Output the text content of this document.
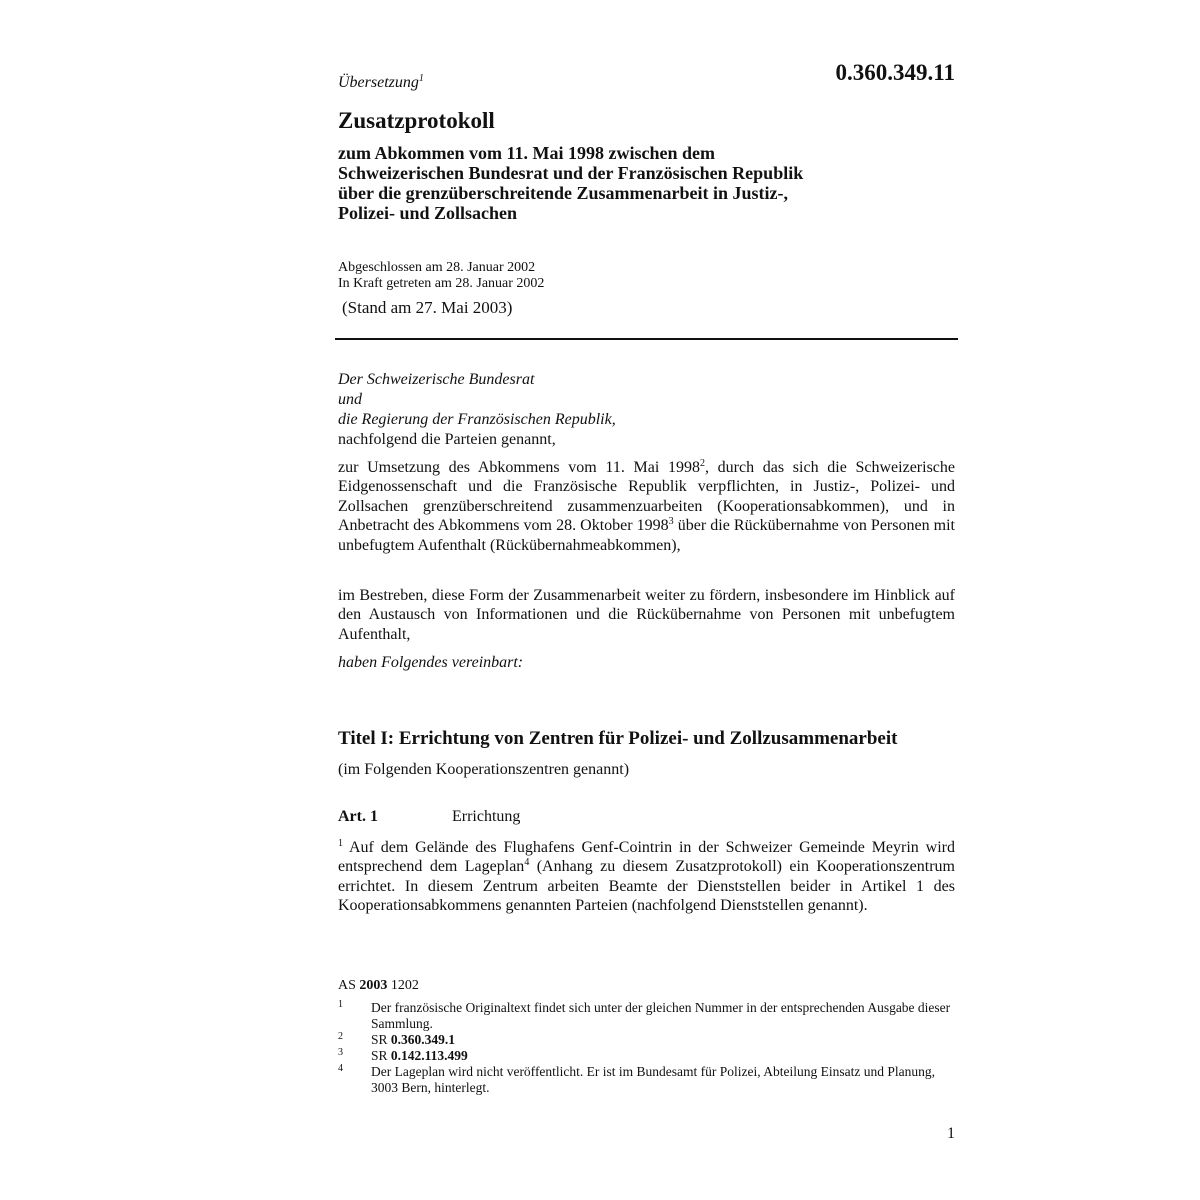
Übersetzung$^1$	0.360.349.11
Zusatzprotokoll
zum Abkommen vom 11. Mai 1998 zwischen dem
Schweizerischen Bundesrat und der Französischen Republik
über die grenzüberschreitende Zusammenarbeit in Justiz-,
Polizei- und Zollsachen
Abgeschlossen am 28. Januar 2002
In Kraft getreten am 28. Januar 2002
(Stand am 27. Mai 2003)
Der Schweizerische Bundesrat
und
die Regierung der Französischen Republik,
nachfolgend die Parteien genannt,
zur Umsetzung des Abkommens vom 11. Mai 1998$^2$, durch das sich die Schweizerische Eidgenossenschaft und die Französische Republik verpflichten, in Justiz-, Polizei- und Zollsachen grenzüberschreitend zusammenzuarbeiten (Kooperationsabkommen), und in Anbetracht des Abkommens vom 28. Oktober 1998$^3$ über die Rückübernahme von Personen mit unbefugtem Aufenthalt (Rückübernahmeabkommen),
im Bestreben, diese Form der Zusammenarbeit weiter zu fördern, insbesondere im Hinblick auf den Austausch von Informationen und die Rückübernahme von Personen mit unbefugtem Aufenthalt,
haben Folgendes vereinbart:
Titel I: Errichtung von Zentren für Polizei- und Zollzusammenarbeit
(im Folgenden Kooperationszentren genannt)
Art. 1	Errichtung
$^1$ Auf dem Gelände des Flughafens Genf-Cointrin in der Schweizer Gemeinde Meyrin wird entsprechend dem Lageplan$^4$ (Anhang zu diesem Zusatzprotokoll) ein Kooperationszentrum errichtet. In diesem Zentrum arbeiten Beamte der Dienststellen beider in Artikel 1 des Kooperationsabkommens genannten Parteien (nachfolgend Dienststellen genannt).
AS 2003 1202
1 Der französische Originaltext findet sich unter der gleichen Nummer in der entsprechenden Ausgabe dieser Sammlung.
2 SR 0.360.349.1
3 SR 0.142.113.499
4 Der Lageplan wird nicht veröffentlicht. Er ist im Bundesamt für Polizei, Abteilung Einsatz und Planung, 3003 Bern, hinterlegt.
1
